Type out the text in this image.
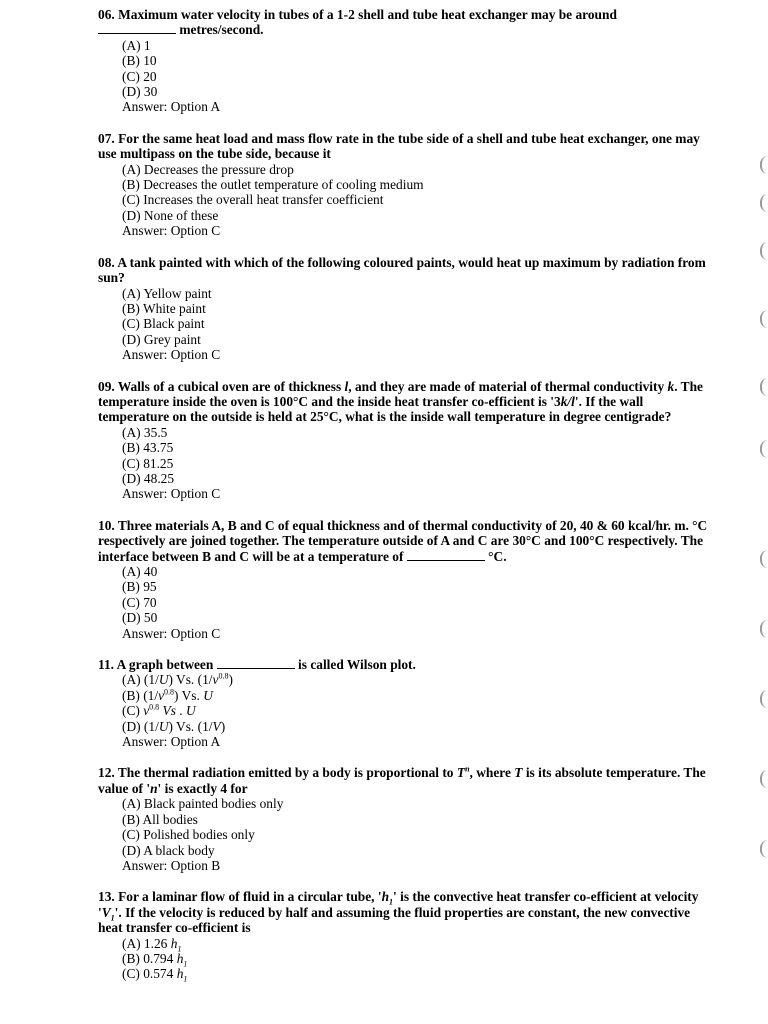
06. Maximum water velocity in tubes of a 1-2 shell and tube heat exchanger may be around
metres/second.

(A) 1

(B) 10

(C) 20

(D) 30

Answer: Option A

07. For the same heat load and mass flow rate in the tube side of a shell and tube heat exchanger, one may use multipass on the tube side, because it

(A) Decreases the pressure drop

(B) Decreases the outlet temperature of cooling medium

(C) Increases the overall heat transfer coefficient

(D) None of these

Answer: Option C

08. A tank painted with which of the following coloured paints, would heat up maximum by radiation from sun?

(A) Yellow paint

(B) White paint

(C) Black paint

(D) Grey paint

Answer: Option C

09. Walls of a cubical oven are of thickness l, and they are made of material of thermal conductivity k. The temperature inside the oven is 100°C and the inside heat transfer co-efficient is '3k/l'. If the wall temperature on the outside is held at 25°C, what is the inside wall temperature in degree centigrade?

(A) 35.5

(B) 43.75

(C) 81.25

(D) 48.25

Answer: Option C

10. Three materials A, B and C of equal thickness and of thermal conductivity of 20, 40 & 60 kcal/hr. m. °C respectively are joined together. The temperature outside of A and C are 30°C and 100°C respectively. The interface between B and C will be at a temperature of	°C.

(A) 40

(B) 95

(C) 70

(D) 50

Answer: Option C

11. A graph between	is called Wilson plot.

(A) (1/U) Vs. $(1/v^{0.8})$

(B) $(1/v^{0.8})$ Vs. U

(C) $v^{0.8}$ Vs . U

(D) (1/U) Vs. (1/V)

Answer: Option A

12. The thermal radiation emitted by a body is proportional to $T^n$, where T is its absolute temperature. The value of 'n' is exactly 4 for

(A) Black painted bodies only

(B) All bodies

(C) Polished bodies only

(D) A black body

Answer: Option B

13. For a laminar flow of fluid in a circular tube, '$h_1$' is the convective heat transfer co-efficient at velocity '$V_1$'. If the velocity is reduced by half and assuming the fluid properties are constant, the new convective heat transfer co-efficient is

(A) 1.26 $h_1$

(B) 0.794 $h_1$

(C) 0.574 $h_1$
